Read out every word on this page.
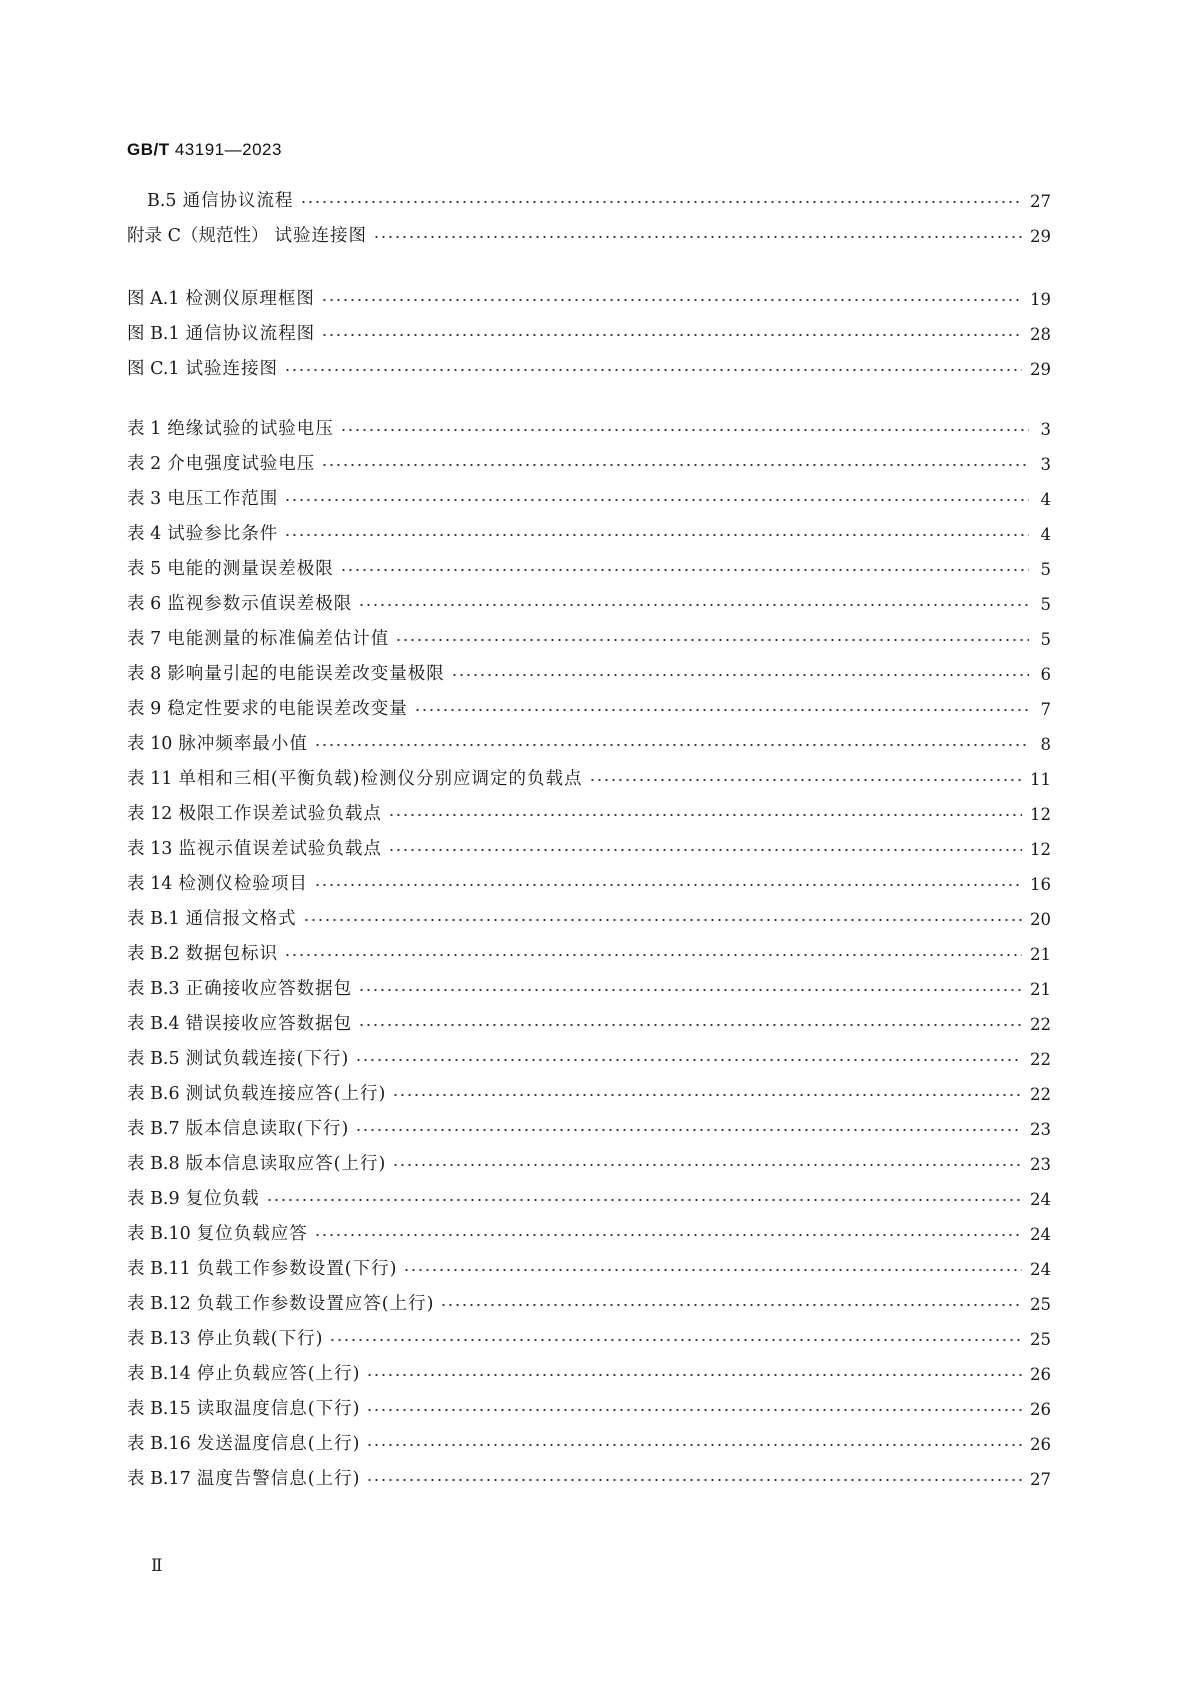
GB/T 43191—2023
B.5 通信协议流程	27
附录 C（规范性） 试验连接图	29
图 A.1 检测仪原理框图	19
图 B.1 通信协议流程图	28
图 C.1 试验连接图	29
表 1 绝缘试验的试验电压	3
表 2 介电强度试验电压	3
表 3 电压工作范围	4
表 4 试验参比条件	4
表 5 电能的测量误差极限	5
表 6 监视参数示值误差极限	5
表 7 电能测量的标准偏差估计值	5
表 8 影响量引起的电能误差改变量极限	6
表 9 稳定性要求的电能误差改变量	7
表 10 脉冲频率最小值	8
表 11 单相和三相(平衡负载)检测仪分别应调定的负载点	11
表 12 极限工作误差试验负载点	12
表 13 监视示值误差试验负载点	12
表 14 检测仪检验项目	16
表 B.1 通信报文格式	20
表 B.2 数据包标识	21
表 B.3 正确接收应答数据包	21
表 B.4 错误接收应答数据包	22
表 B.5 测试负载连接(下行)	22
表 B.6 测试负载连接应答(上行)	22
表 B.7 版本信息读取(下行)	23
表 B.8 版本信息读取应答(上行)	23
表 B.9 复位负载	24
表 B.10 复位负载应答	24
表 B.11 负载工作参数设置(下行)	24
表 B.12 负载工作参数设置应答(上行)	25
表 B.13 停止负载(下行)	25
表 B.14 停止负载应答(上行)	26
表 B.15 读取温度信息(下行)	26
表 B.16 发送温度信息(上行)	26
表 B.17 温度告警信息(上行)	27
Ⅱ
